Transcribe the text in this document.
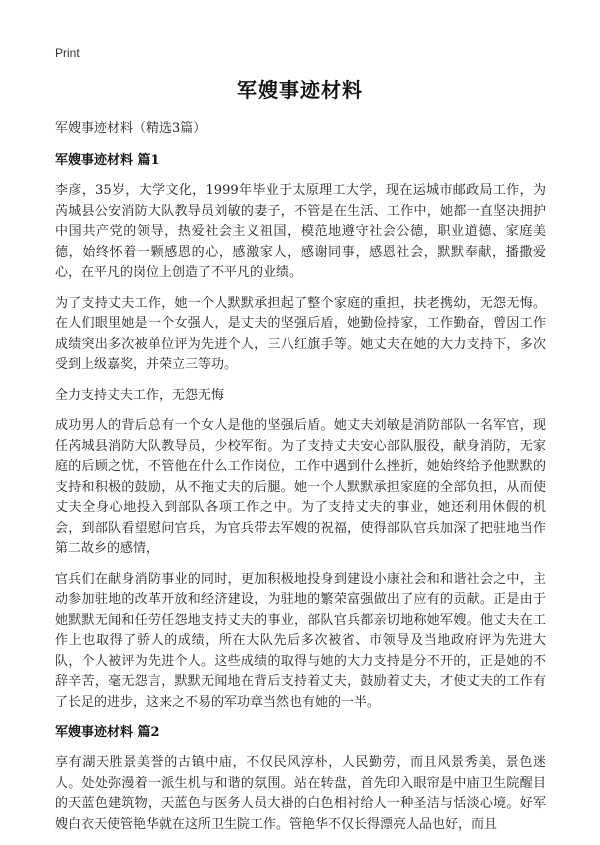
Print
军嫂事迹材料

军嫂事迹材料（精选3篇）

军嫂事迹材料 篇1

李彦，35岁，大学文化，1999年毕业于太原理工大学，现在运城市邮政局工作，为芮城县公安消防大队教导员刘敏的妻子，不管是在生活、工作中，她都一直坚决拥护中国共产党的领导，热爱社会主义祖国，模范地遵守社会公德，职业道德、家庭美德，始终怀着一颗感恩的心，感激家人，感谢同事，感恩社会，默默奉献，播撒爱心，在平凡的岗位上创造了不平凡的业绩。

为了支持丈夫工作，她一个人默默承担起了整个家庭的重担，扶老携幼，无怨无悔。在人们眼里她是一个女强人，是丈夫的坚强后盾，她勤俭持家，工作勤奋，曾因工作成绩突出多次被单位评为先进个人，三八红旗手等。她丈夫在她的大力支持下，多次受到上级嘉奖，并荣立三等功。

全力支持丈夫工作，无怨无悔

成功男人的背后总有一个女人是他的坚强后盾。她丈夫刘敏是消防部队一名军官，现任芮城县消防大队教导员，少校军衔。为了支持丈夫安心部队服役，献身消防，无家庭的后顾之忧，不管他在什么工作岗位，工作中遇到什么挫折，她始终给予他默默的支持和积极的鼓励，从不拖丈夫的后腿。她一个人默默承担家庭的全部负担，从而使丈夫全身心地投入到部队各项工作之中。为了支持丈夫的事业，她还利用休假的机会，到部队看望慰问官兵，为官兵带去军嫂的祝福，使得部队官兵加深了把驻地当作第二故乡的感情，

官兵们在献身消防事业的同时，更加积极地投身到建设小康社会和和谐社会之中，主动参加驻地的改革开放和经济建设，为驻地的繁荣富强做出了应有的贡献。正是由于她默默无闻和任劳任怨地支持丈夫的事业，部队官兵都亲切地称她军嫂。他丈夫在工作上也取得了骄人的成绩，所在大队先后多次被省、市领导及当地政府评为先进大队，个人被评为先进个人。这些成绩的取得与她的大力支持是分不开的，正是她的不辞辛苦，毫无怨言，默默无闻地在背后支持着丈夫，鼓励着丈夫，才使丈夫的工作有了长足的进步，这来之不易的军功章当然也有她的一半。

军嫂事迹材料 篇2

享有湖天胜景美誉的古镇中庙，不仅民风淳朴，人民勤劳，而且风景秀美，景色迷人。处处弥漫着一派生机与和谐的氛围。站在转盘，首先印入眼帘是中庙卫生院醒目的天蓝色建筑物，天蓝色与医务人员大褂的白色相衬给人一种圣洁与恬淡心境。好军嫂白衣天使管艳华就在这所卫生院工作。管艳华不仅长得漂亮人品也好，而且
